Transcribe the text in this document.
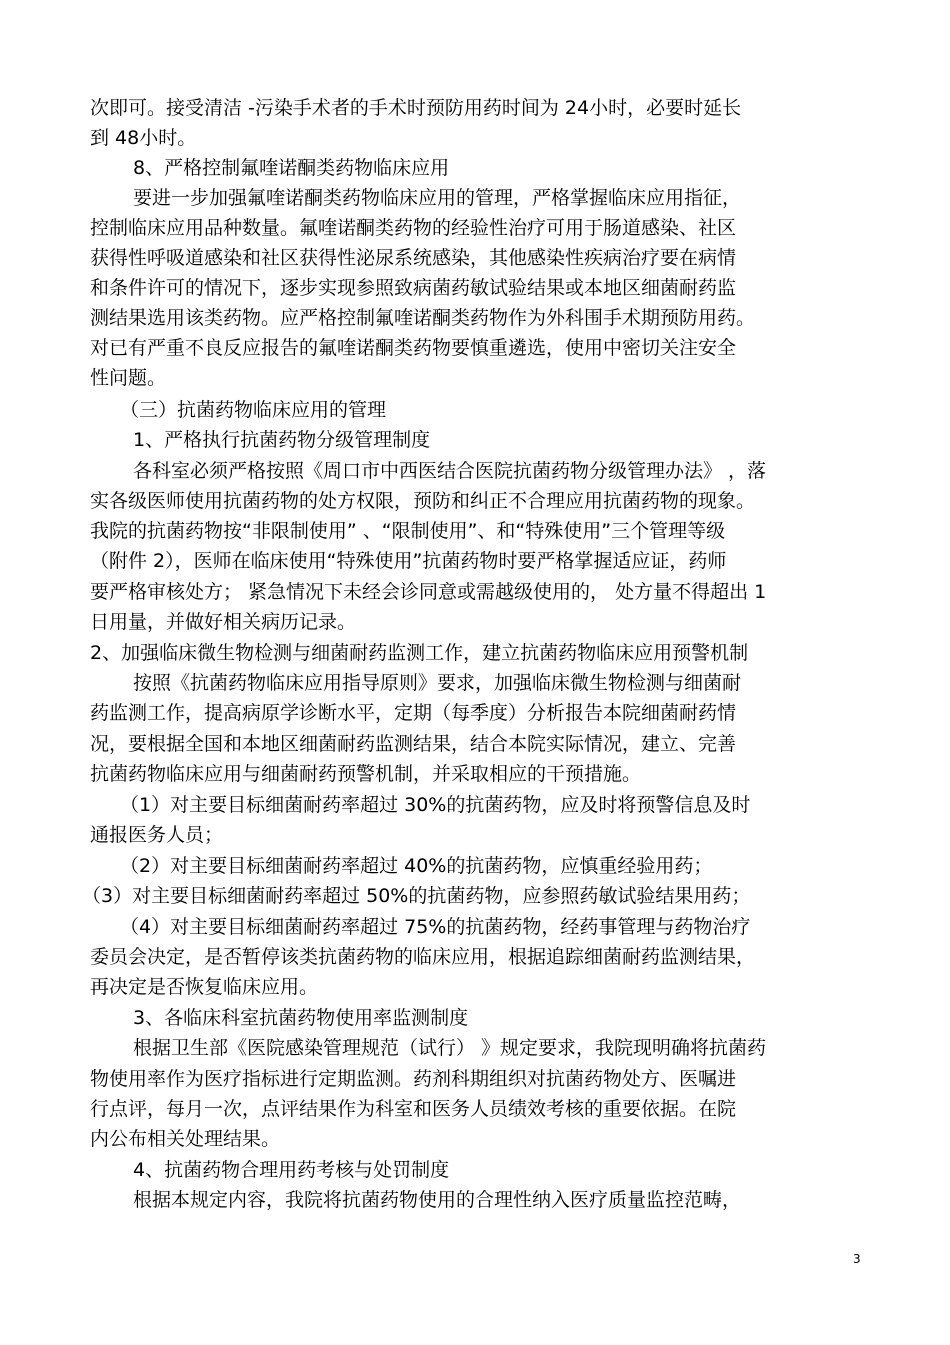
次即可。接受清洁 -污染手术者的手术时预防用药时间为 24小时，必要时延长

到 48小时。

8、严格控制氟喹诺酮类药物临床应用

要进一步加强氟喹诺酮类药物临床应用的管理，严格掌握临床应用指征，

控制临床应用品种数量。氟喹诺酮类药物的经验性治疗可用于肠道感染、社区

获得性呼吸道感染和社区获得性泌尿系统感染，其他感染性疾病治疗要在病情

和条件许可的情况下，逐步实现参照致病菌药敏试验结果或本地区细菌耐药监

测结果选用该类药物。应严格控制氟喹诺酮类药物作为外科围手术期预防用药。

对已有严重不良反应报告的氟喹诺酮类药物要慎重遴选，使用中密切关注安全

性问题。

（三）抗菌药物临床应用的管理

1、严格执行抗菌药物分级管理制度

各科室必须严格按照《周口市中西医结合医院抗菌药物分级管理办法》 ，落

实各级医师使用抗菌药物的处方权限，预防和纠正不合理应用抗菌药物的现象。

我院的抗菌药物按“非限制使用” 、“限制使用”、和“特殊使用”三个管理等级

（附件 2），医师在临床使用“特殊使用”抗菌药物时要严格掌握适应证，药师

要严格审核处方； 紧急情况下未经会诊同意或需越级使用的， 处方量不得超出 1

日用量，并做好相关病历记录。

2、加强临床微生物检测与细菌耐药监测工作，建立抗菌药物临床应用预警机制

按照《抗菌药物临床应用指导原则》要求，加强临床微生物检测与细菌耐

药监测工作，提高病原学诊断水平，定期（每季度）分析报告本院细菌耐药情

况，要根据全国和本地区细菌耐药监测结果，结合本院实际情况，建立、完善

抗菌药物临床应用与细菌耐药预警机制，并采取相应的干预措施。

（1）对主要目标细菌耐药率超过 30%的抗菌药物，应及时将预警信息及时

通报医务人员；

（2）对主要目标细菌耐药率超过 40%的抗菌药物，应慎重经验用药；

（3）对主要目标细菌耐药率超过 50%的抗菌药物，应参照药敏试验结果用药；

（4）对主要目标细菌耐药率超过 75%的抗菌药物，经药事管理与药物治疗

委员会决定，是否暂停该类抗菌药物的临床应用，根据追踪细菌耐药监测结果，

再决定是否恢复临床应用。

3、各临床科室抗菌药物使用率监测制度

根据卫生部《医院感染管理规范（试行） 》规定要求，我院现明确将抗菌药

物使用率作为医疗指标进行定期监测。药剂科期组织对抗菌药物处方、医嘱进

行点评，每月一次，点评结果作为科室和医务人员绩效考核的重要依据。在院

内公布相关处理结果。

4、抗菌药物合理用药考核与处罚制度

根据本规定内容，我院将抗菌药物使用的合理性纳入医疗质量监控范畴，

3
